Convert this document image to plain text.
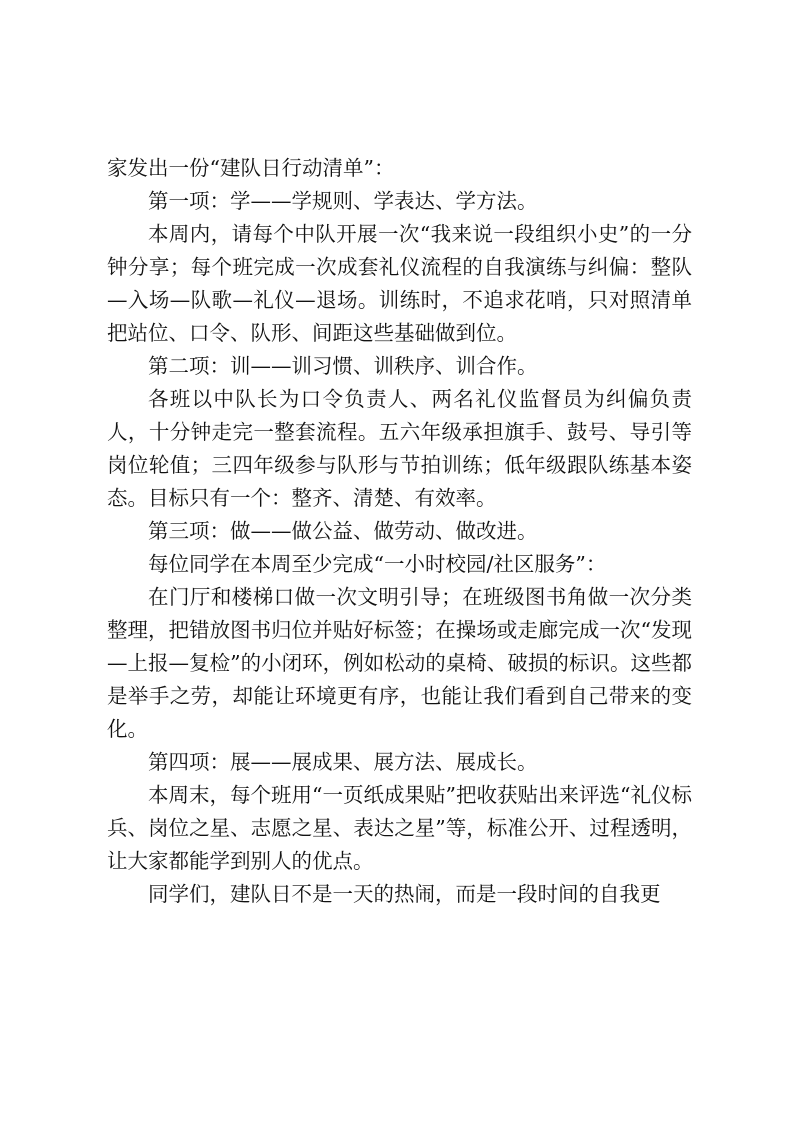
家发出一份“建队日行动清单”：

第一项：学——学规则、学表达、学方法。

本周内，请每个中队开展一次“我来说一段组织小史”的一分钟分享；每个班完成一次成套礼仪流程的自我演练与纠偏：整队—入场—队歌—礼仪—退场。训练时，不追求花哨，只对照清单把站位、口令、队形、间距这些基础做到位。

第二项：训——训习惯、训秩序、训合作。

各班以中队长为口令负责人、两名礼仪监督员为纠偏负责人，十分钟走完一整套流程。五六年级承担旗手、鼓号、导引等岗位轮值；三四年级参与队形与节拍训练；低年级跟队练基本姿态。目标只有一个：整齐、清楚、有效率。

第三项：做——做公益、做劳动、做改进。

每位同学在本周至少完成“一小时校园/社区服务”：

在门厅和楼梯口做一次文明引导；在班级图书角做一次分类整理，把错放图书归位并贴好标签；在操场或走廊完成一次“发现—上报—复检”的小闭环，例如松动的桌椅、破损的标识。这些都是举手之劳，却能让环境更有序，也能让我们看到自己带来的变化。

第四项：展——展成果、展方法、展成长。

本周末，每个班用“一页纸成果贴”把收获贴出来评选“礼仪标兵、岗位之星、志愿之星、表达之星”等，标准公开、过程透明，让大家都能学到别人的优点。

同学们，建队日不是一天的热闹，而是一段时间的自我更
